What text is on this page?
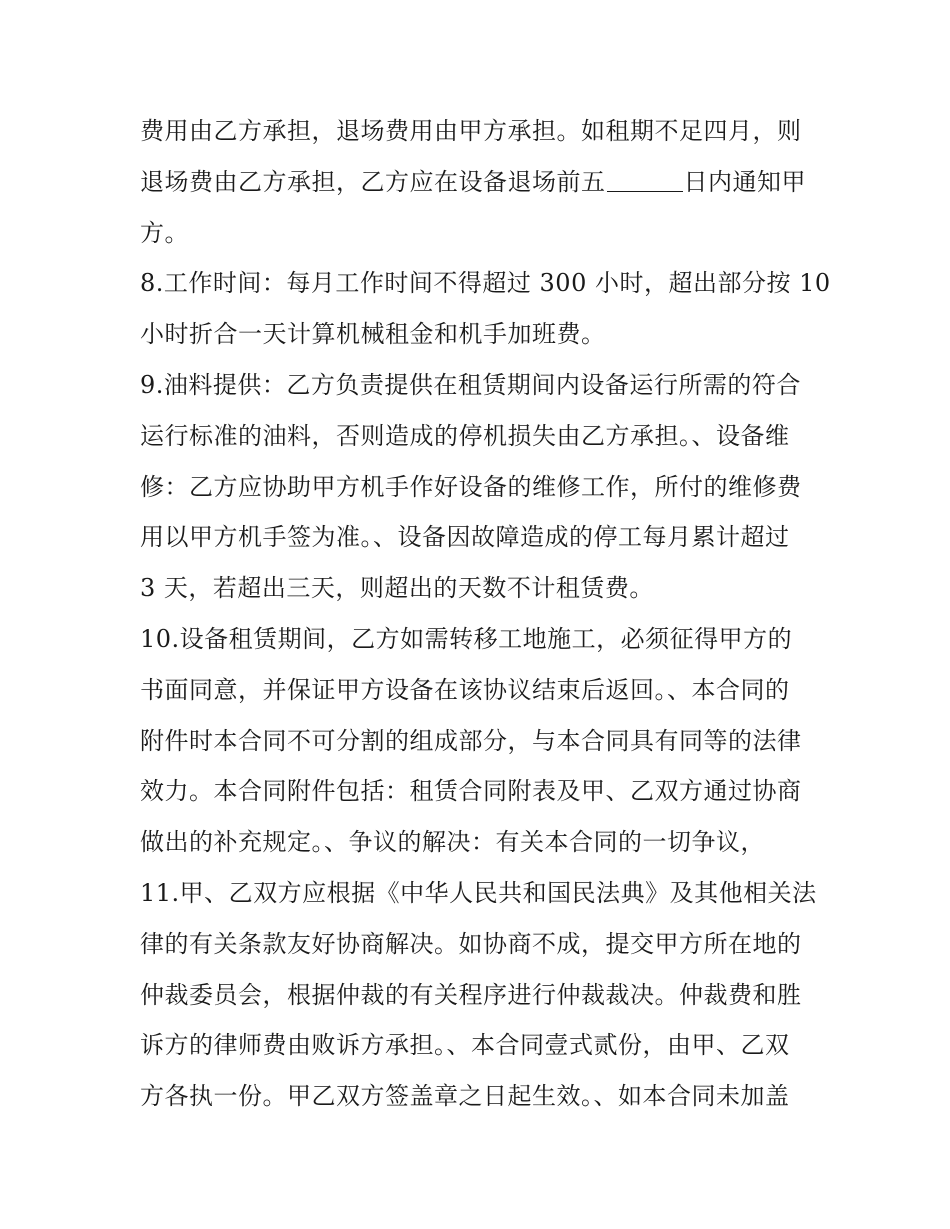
费用由乙方承担，退场费用由甲方承担。如租期不足四月，则
退场费由乙方承担，乙方应在设备退场前五	日内通知甲
方。
8.工作时间：每月工作时间不得超过 300 小时，超出部分按 10
小时折合一天计算机械租金和机手加班费。
9.油料提供：乙方负责提供在租赁期间内设备运行所需的符合
运行标准的油料，否则造成的停机损失由乙方承担。、设备维
修：乙方应协助甲方机手作好设备的维修工作，所付的维修费
用以甲方机手签为准。、设备因故障造成的停工每月累计超过
3 天，若超出三天，则超出的天数不计租赁费。
10.设备租赁期间，乙方如需转移工地施工，必须征得甲方的
书面同意，并保证甲方设备在该协议结束后返回。、本合同的
附件时本合同不可分割的组成部分，与本合同具有同等的法律
效力。本合同附件包括：租赁合同附表及甲、乙双方通过协商
做出的补充规定。、争议的解决：有关本合同的一切争议，
11.甲、乙双方应根据《中华人民共和国民法典》及其他相关法
律的有关条款友好协商解决。如协商不成，提交甲方所在地的
仲裁委员会，根据仲裁的有关程序进行仲裁裁决。仲裁费和胜
诉方的律师费由败诉方承担。、本合同壹式贰份，由甲、乙双
方各执一份。甲乙双方签盖章之日起生效。、如本合同未加盖
